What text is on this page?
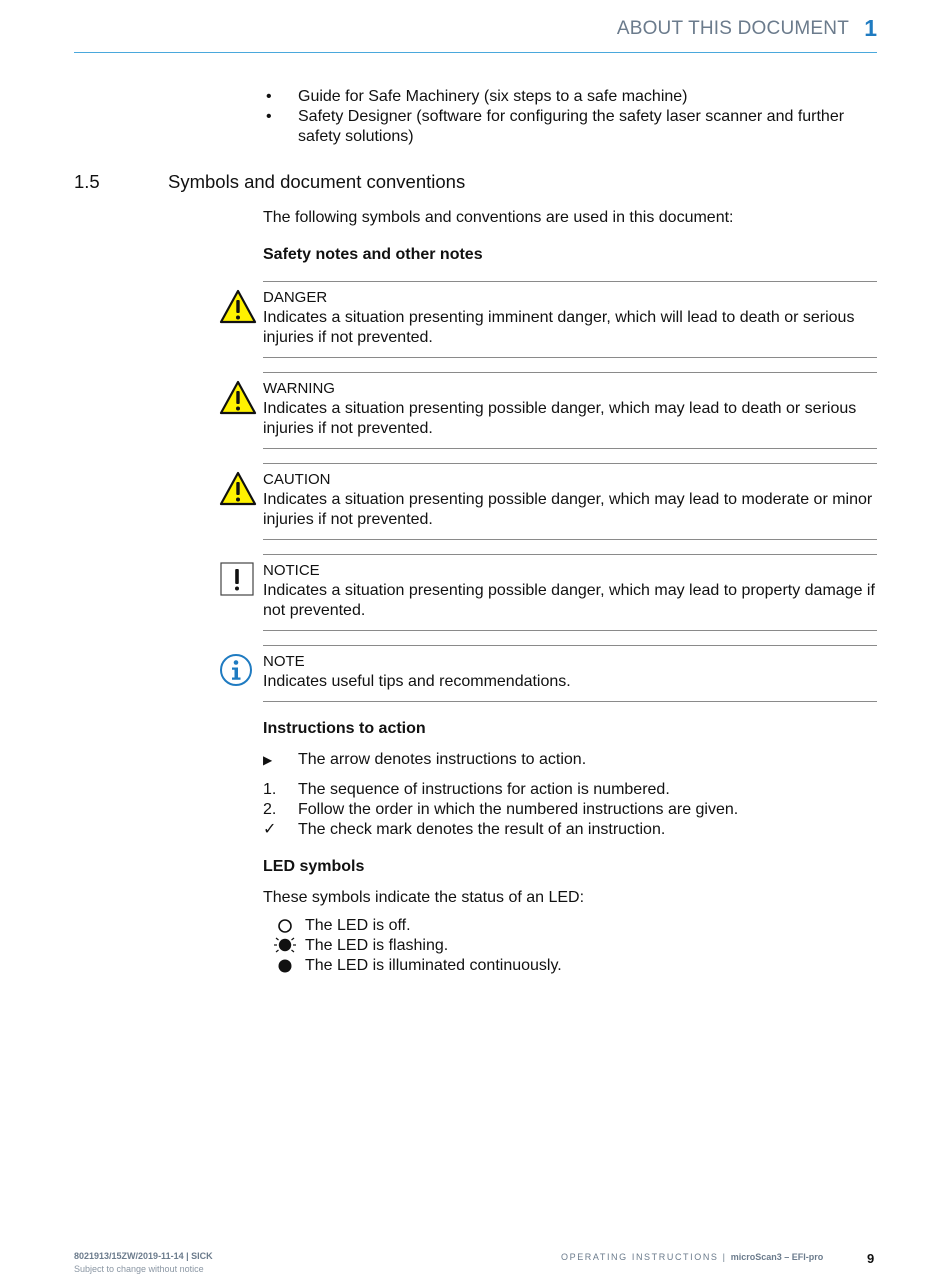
ABOUT THIS DOCUMENT 1
• Guide for Safe Machinery (six steps to a safe machine)
• Safety Designer (software for configuring the safety laser scanner and further safety solutions)
1.5	Symbols and document conventions
The following symbols and conventions are used in this document:
Safety notes and other notes
DANGER
Indicates a situation presenting imminent danger, which will lead to death or serious injuries if not prevented.
WARNING
Indicates a situation presenting possible danger, which may lead to death or serious injuries if not prevented.
CAUTION
Indicates a situation presenting possible danger, which may lead to moderate or minor injuries if not prevented.
NOTICE
Indicates a situation presenting possible danger, which may lead to property damage if not prevented.
NOTE
Indicates useful tips and recommendations.
Instructions to action
▶ The arrow denotes instructions to action.
1. The sequence of instructions for action is numbered.
2. Follow the order in which the numbered instructions are given.
✓ The check mark denotes the result of an instruction.
LED symbols
These symbols indicate the status of an LED:
The LED is off.
The LED is flashing.
The LED is illuminated continuously.
8021913/15ZW/2019-11-14 | SICK
Subject to change without notice
OPERATING INSTRUCTIONS | microScan3 – EFI-pro	9
